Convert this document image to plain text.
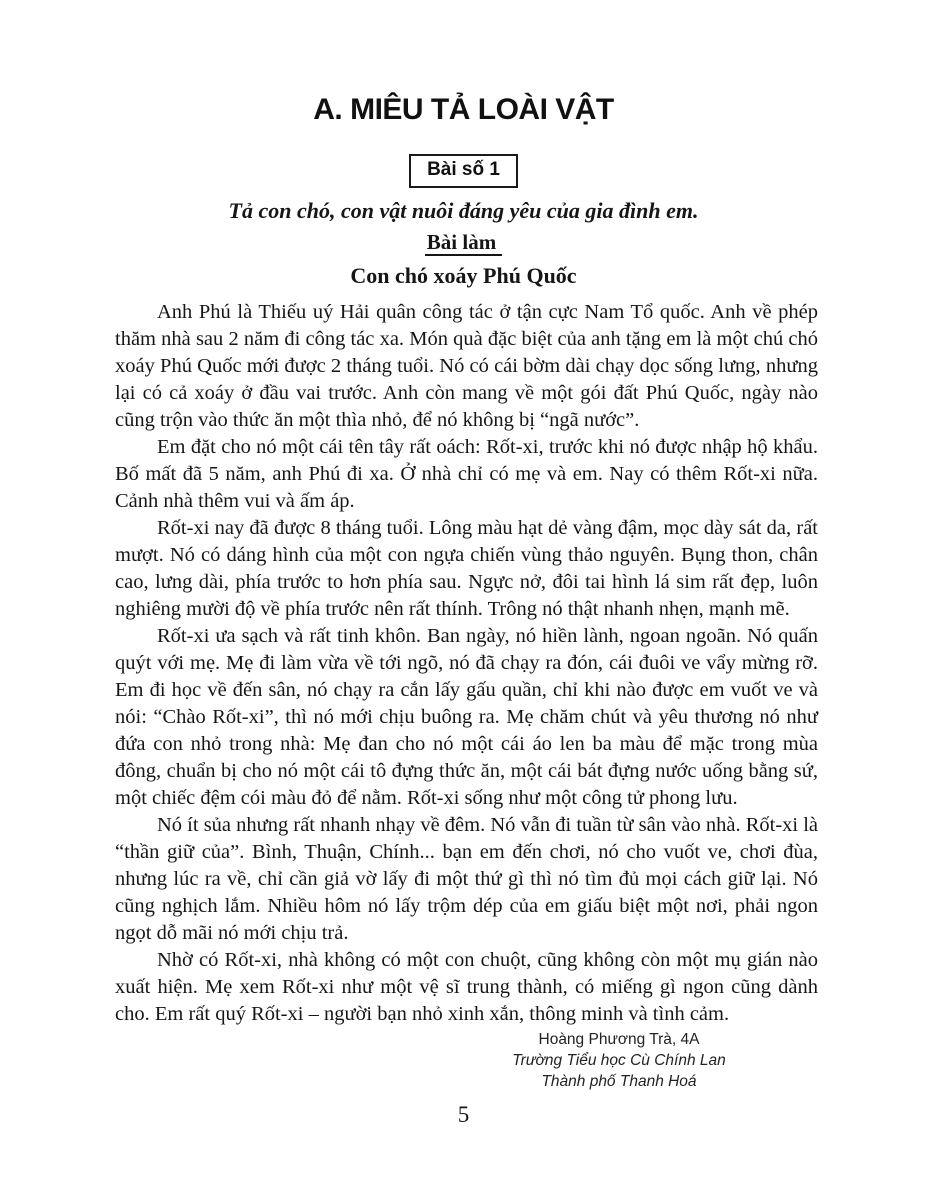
A. MIÊU TẢ LOÀI VẬT
Bài số 1

Tả con chó, con vật nuôi đáng yêu của gia đình em.

Bài làm

Con chó xoáy Phú Quốc

Anh Phú là Thiếu uý Hải quân công tác ở tận cực Nam Tổ quốc. Anh về phép thăm nhà sau 2 năm đi công tác xa. Món quà đặc biệt của anh tặng em là một chú chó xoáy Phú Quốc mới được 2 tháng tuổi. Nó có cái bờm dài chạy dọc sống lưng, nhưng lại có cả xoáy ở đầu vai trước. Anh còn mang về một gói đất Phú Quốc, ngày nào cũng trộn vào thức ăn một thìa nhỏ, để nó không bị “ngã nước”.

Em đặt cho nó một cái tên tây rất oách: Rốt-xi, trước khi nó được nhập hộ khẩu. Bố mất đã 5 năm, anh Phú đi xa. Ở nhà chỉ có mẹ và em. Nay có thêm Rốt-xi nữa. Cảnh nhà thêm vui và ấm áp.

Rốt-xi nay đã được 8 tháng tuổi. Lông màu hạt dẻ vàng đậm, mọc dày sát da, rất mượt. Nó có dáng hình của một con ngựa chiến vùng thảo nguyên. Bụng thon, chân cao, lưng dài, phía trước to hơn phía sau. Ngực nở, đôi tai hình lá sim rất đẹp, luôn nghiêng mười độ về phía trước nên rất thính. Trông nó thật nhanh nhẹn, mạnh mẽ.

Rốt-xi ưa sạch và rất tinh khôn. Ban ngày, nó hiền lành, ngoan ngoãn. Nó quấn quýt với mẹ. Mẹ đi làm vừa về tới ngõ, nó đã chạy ra đón, cái đuôi ve vẩy mừng rỡ. Em đi học về đến sân, nó chạy ra cắn lấy gấu quần, chỉ khi nào được em vuốt ve và nói: “Chào Rốt-xi”, thì nó mới chịu buông ra. Mẹ chăm chút và yêu thương nó như đứa con nhỏ trong nhà: Mẹ đan cho nó một cái áo len ba màu để mặc trong mùa đông, chuẩn bị cho nó một cái tô đựng thức ăn, một cái bát đựng nước uống bằng sứ, một chiếc đệm cói màu đỏ để nằm. Rốt-xi sống như một công tử phong lưu.

Nó ít sủa nhưng rất nhanh nhạy về đêm. Nó vẫn đi tuần từ sân vào nhà. Rốt-xi là “thần giữ của”. Bình, Thuận, Chính... bạn em đến chơi, nó cho vuốt ve, chơi đùa, nhưng lúc ra về, chỉ cần giả vờ lấy đi một thứ gì thì nó tìm đủ mọi cách giữ lại. Nó cũng nghịch lắm. Nhiều hôm nó lấy trộm dép của em giấu biệt một nơi, phải ngon ngọt dỗ mãi nó mới chịu trả.

Nhờ có Rốt-xi, nhà không có một con chuột, cũng không còn một mụ gián nào xuất hiện. Mẹ xem Rốt-xi như một vệ sĩ trung thành, có miếng gì ngon cũng dành cho. Em rất quý Rốt-xi – người bạn nhỏ xinh xắn, thông minh và tình cảm.

Hoàng Phương Trà, 4A
Trường Tiểu học Cù Chính Lan
Thành phố Thanh Hoá
5
